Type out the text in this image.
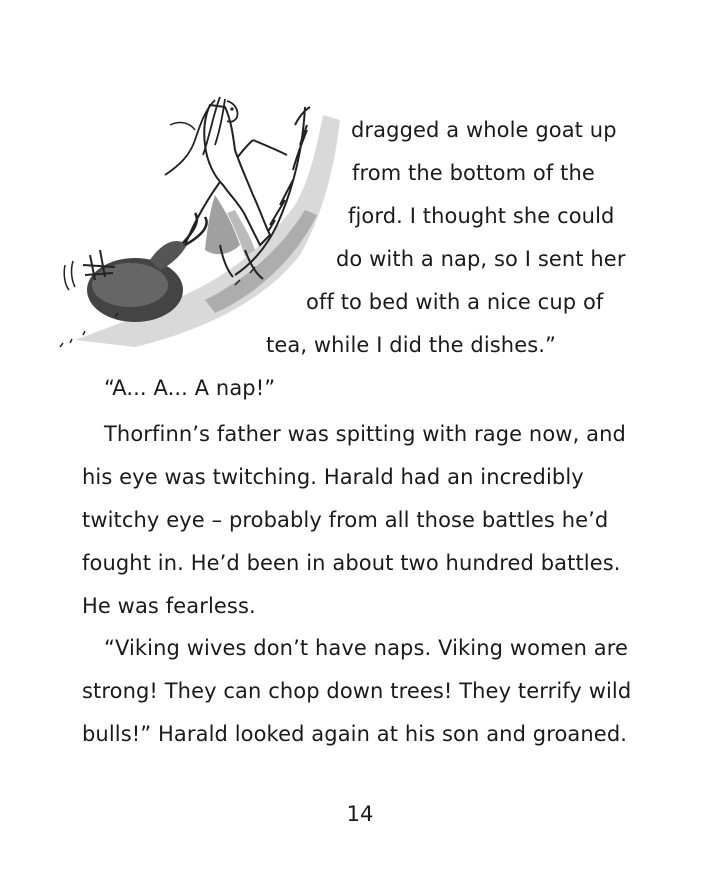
dragged a whole goat up
from the bottom of the
fjord. I thought she could
do with a nap, so I sent her
off to bed with a nice cup of
tea, while I did the dishes.”
“A... A... A nap!”
Thorfinn’s father was spitting with rage now, and
his eye was twitching. Harald had an incredibly
twitchy eye – probably from all those battles he’d
fought in. He’d been in about two hundred battles.
He was fearless.
“Viking wives don’t have naps. Viking women are
strong! They can chop down trees! They terrify wild
bulls!” Harald looked again at his son and groaned.
14
